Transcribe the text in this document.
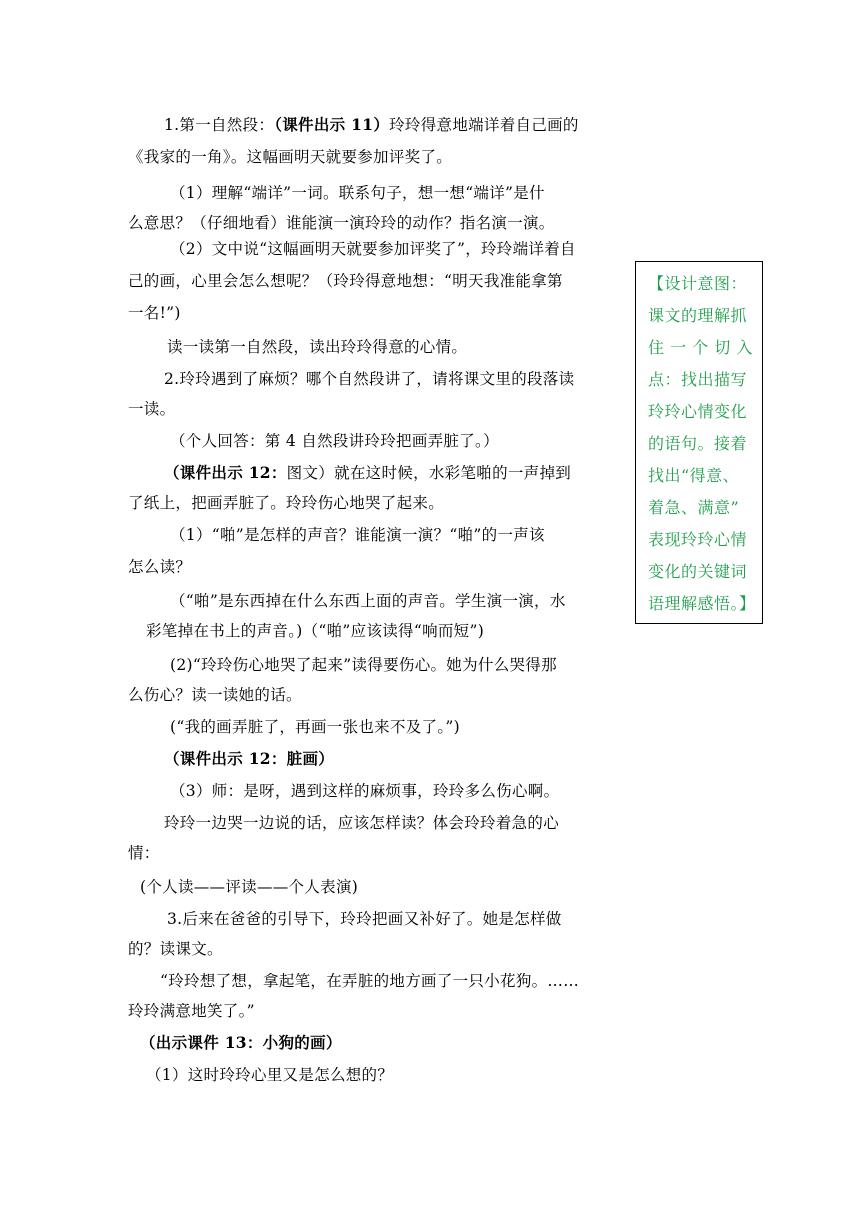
1.第一自然段：（课件出示 11）玲玲得意地端详着自己画的
《我家的一角》。这幅画明天就要参加评奖了。
（1）理解“端详”一词。联系句子，想一想“端详”是什
么意思？（仔细地看）谁能演一演玲玲的动作？指名演一演。
（2）文中说“这幅画明天就要参加评奖了”，玲玲端详着自
己的画，心里会怎么想呢？（玲玲得意地想：“明天我准能拿第
一名!”)
读一读第一自然段，读出玲玲得意的心情。
2.玲玲遇到了麻烦？哪个自然段讲了，请将课文里的段落读
一读。
（个人回答：第 4 自然段讲玲玲把画弄脏了。）
（课件出示 12：图文）就在这时候，水彩笔啪的一声掉到
了纸上，把画弄脏了。玲玲伤心地哭了起来。
（1）“啪”是怎样的声音？谁能演一演？“啪”的一声该
怎么读？
（“啪”是东西掉在什么东西上面的声音。学生演一演，水
彩笔掉在书上的声音。)（“啪”应该读得“响而短”)
(2)“玲玲伤心地哭了起来”读得要伤心。她为什么哭得那
么伤心？读一读她的话。
(“我的画弄脏了，再画一张也来不及了。”)
（课件出示 12：脏画）
（3）师：是呀，遇到这样的麻烦事，玲玲多么伤心啊。
玲玲一边哭一边说的话，应该怎样读？体会玲玲着急的心
情：
(个人读——评读——个人表演)
3.后来在爸爸的引导下，玲玲把画又补好了。她是怎样做
的？读课文。
“玲玲想了想，拿起笔，在弄脏的地方画了一只小花狗。……
玲玲满意地笑了。”
（出示课件 13：小狗的画）
（1）这时玲玲心里又是怎么想的？
【设计意图：
课文的理解抓
住 一 个 切 入
点：找出描写
玲玲心情变化
的语句。接着
找出“得意、
着急、满意”
表现玲玲心情
变化的关键词
语理解感悟。】
